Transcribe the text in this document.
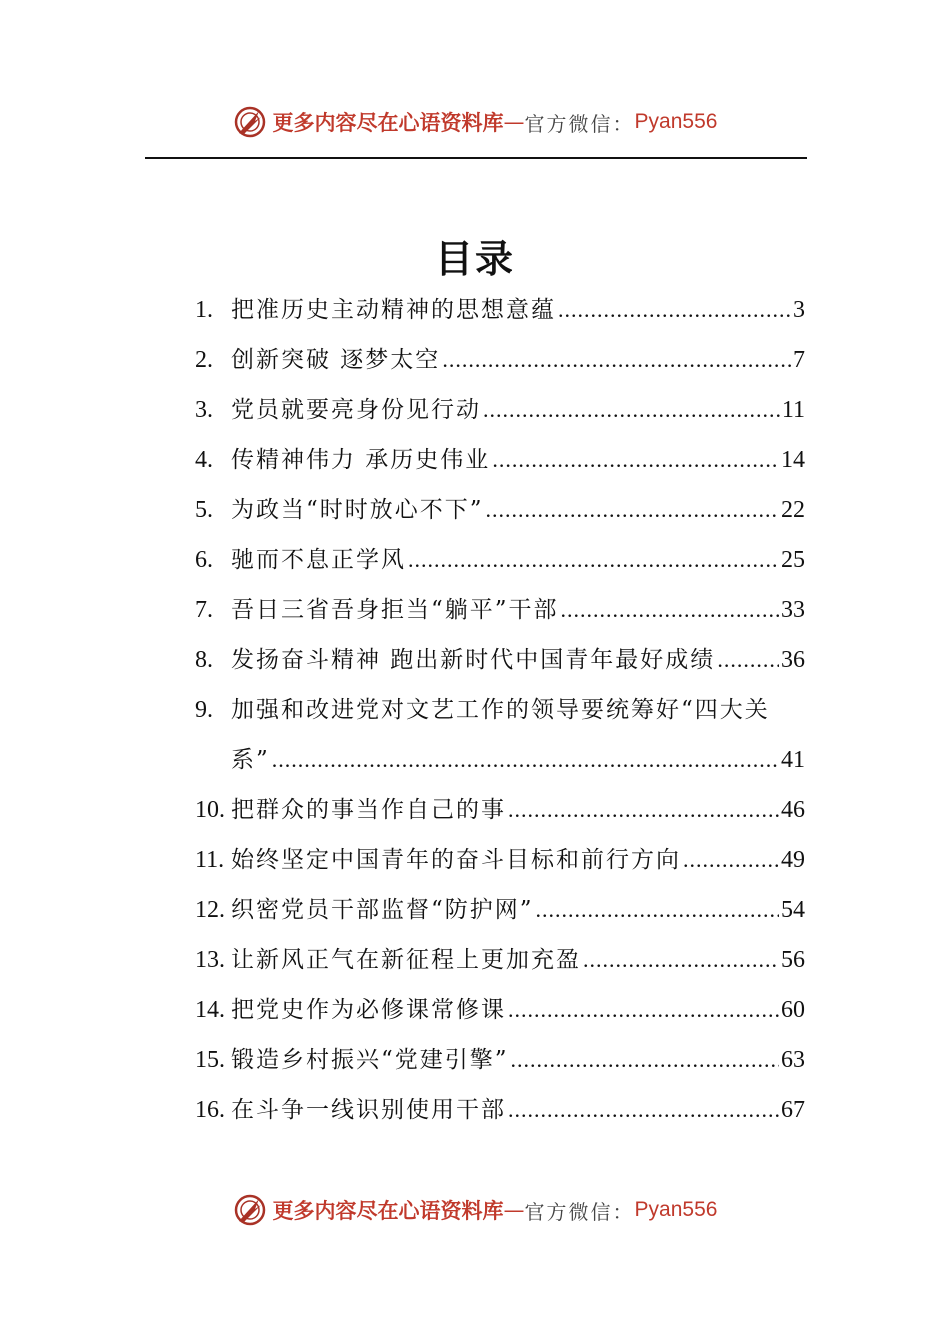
更多内容尽在心语资料库 — 官方微信： Pyan556
目录
1. 把准历史主动精神的思想意蕴 .....	3
2. 创新突破 逐梦太空 .....	7
3. 党员就要亮身份见行动 .....	11
4. 传精神伟力 承历史伟业 .....	14
5. 为政当“时时放心不下” .....	22
6. 驰而不息正学风 .....	25
7. 吾日三省吾身拒当“躺平”干部 .....	33
8. 发扬奋斗精神 跑出新时代中国青年最好成绩 .....	36
9. 加强和改进党对文艺工作的领导要统筹好“四大关
系” .....	41
10. 把群众的事当作自己的事 .....	46
11. 始终坚定中国青年的奋斗目标和前行方向 .....	49
12. 织密党员干部监督“防护网” .....	54
13. 让新风正气在新征程上更加充盈 .....	56
14. 把党史作为必修课常修课 .....	60
15. 锻造乡村振兴“党建引擎” .....	63
16. 在斗争一线识别使用干部 .....	67
更多内容尽在心语资料库 — 官方微信： Pyan556
